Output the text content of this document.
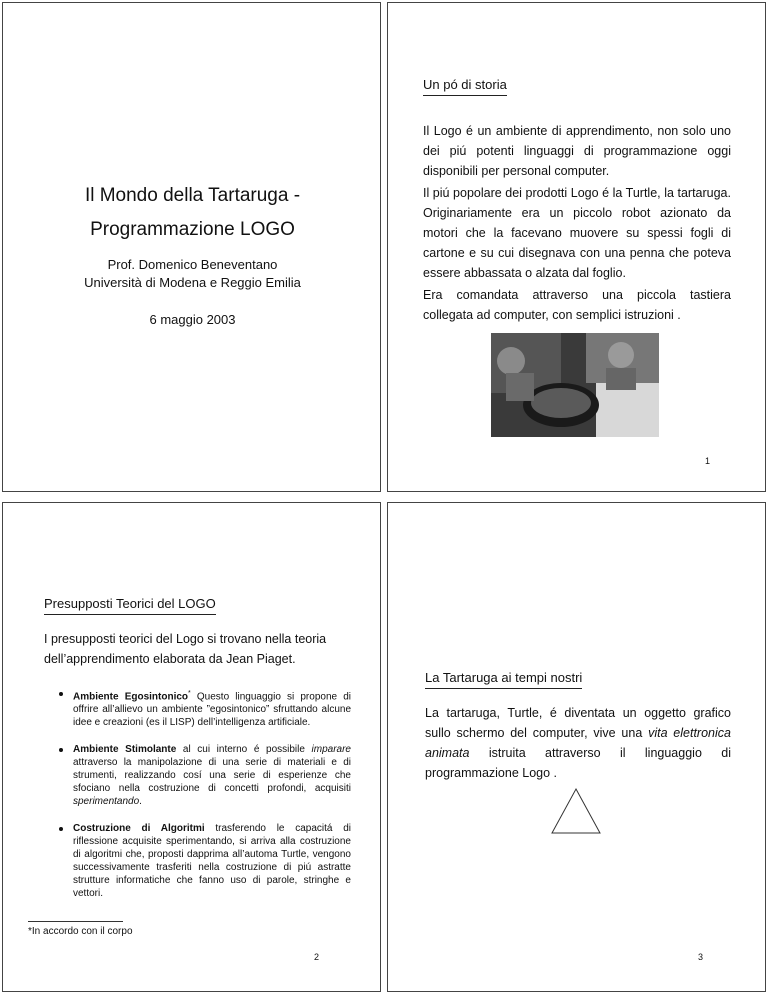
Il Mondo della Tartaruga -
Programmazione LOGO
Prof. Domenico Beneventano
Università di Modena e Reggio Emilia
6 maggio 2003
Un pó di storia
Il Logo é un ambiente di apprendimento, non solo uno dei piú potenti linguaggi di programmazione oggi disponibili per personal computer.
Il piú popolare dei prodotti Logo é la Turtle, la tartaruga. Originariamente era un piccolo robot azionato da motori che la facevano muovere su spessi fogli di cartone e su cui disegnava con una penna che poteva essere abbassata o alzata dal foglio.
Era comandata attraverso una piccola tastiera collegata ad computer, con semplici istruzioni .
1
Presupposti Teorici del LOGO
I presupposti teorici del Logo si trovano nella teoria dell’apprendimento elaborata da Jean Piaget.
Ambiente Egosintonico* Questo linguaggio si propone di offrire all’allievo un ambiente ”egosintonico” sfruttando alcune idee e creazioni (es il LISP) dell’intelligenza artificiale.
Ambiente Stimolante al cui interno é possibile imparare attraverso la manipolazione di una serie di materiali e di strumenti, realizzando cosí una serie di esperienze che sfociano nella costruzione di concetti profondi, acquisiti sperimentando.
Costruzione di Algoritmi trasferendo le capacitá di riflessione acquisite sperimentando, si arriva alla costruzione di algoritmi che, proposti dapprima all’automa Turtle, vengono successivamente trasferiti nella costruzione di piú astratte strutture informatiche che fanno uso di parole, stringhe e vettori.
*In accordo con il corpo
2
La Tartaruga ai tempi nostri
La tartaruga, Turtle, é diventata un oggetto grafico sullo schermo del computer, vive una vita elettronica animata istruita attraverso il linguaggio di programmazione Logo .
3
